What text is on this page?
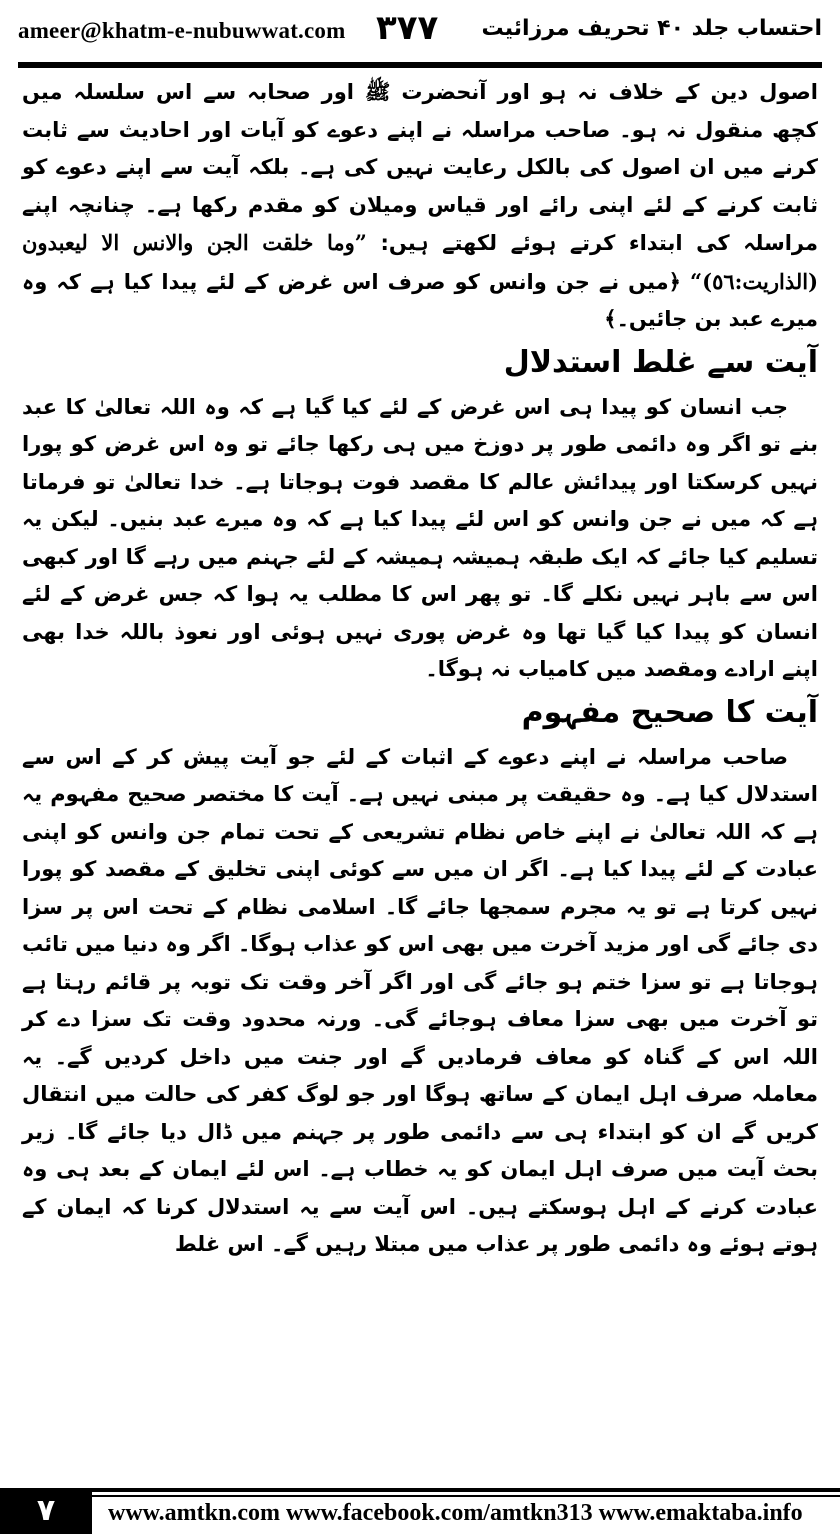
ameer@khatm-e-nubuwwat.com ۳۷۷ احتساب جلد ۴۰ تحریف مرزائیت

اصول دین کے خلاف نہ ہو اور آنحضرت ﷺ اور صحابہ سے اس سلسلہ میں کچھ منقول نہ ہو۔ صاحب مراسلہ نے اپنے دعوے کو آیات اور احادیث سے ثابت کرنے میں ان اصول کی بالکل رعایت نہیں کی ہے۔ بلکہ آیت سے اپنے دعوے کو ثابت کرنے کے لئے اپنی رائے اور قیاس ومیلان کو مقدم رکھا ہے۔ چنانچہ اپنے مراسلہ کی ابتداء کرتے ہوئے لکھتے ہیں: ”وما خلقت الجن والانس الا لیعبدون (الذاریت:٥٦)“ ﴿میں نے جن وانس کو صرف اس غرض کے لئے پیدا کیا ہے کہ وہ میرے عبد بن جائیں۔﴾

آیت سے غلط استدلال

جب انسان کو پیدا ہی اس غرض کے لئے کیا گیا ہے کہ وہ اللہ تعالیٰ کا عبد بنے تو اگر وہ دائمی طور پر دوزخ میں ہی رکھا جائے تو وہ اس غرض کو پورا نہیں کرسکتا اور پیدائش عالم کا مقصد فوت ہوجاتا ہے۔ خدا تعالیٰ تو فرماتا ہے کہ میں نے جن وانس کو اس لئے پیدا کیا ہے کہ وہ میرے عبد بنیں۔ لیکن یہ تسلیم کیا جائے کہ ایک طبقہ ہمیشہ ہمیشہ کے لئے جہنم میں رہے گا اور کبھی اس سے باہر نہیں نکلے گا۔ تو پھر اس کا مطلب یہ ہوا کہ جس غرض کے لئے انسان کو پیدا کیا گیا تھا وہ غرض پوری نہیں ہوئی اور نعوذ باللہ خدا بھی اپنے ارادے ومقصد میں کامیاب نہ ہوگا۔

آیت کا صحیح مفہوم

صاحب مراسلہ نے اپنے دعوے کے اثبات کے لئے جو آیت پیش کر کے اس سے استدلال کیا ہے۔ وہ حقیقت پر مبنی نہیں ہے۔ آیت کا مختصر صحیح مفہوم یہ ہے کہ اللہ تعالیٰ نے اپنے خاص نظام تشریعی کے تحت تمام جن وانس کو اپنی عبادت کے لئے پیدا کیا ہے۔ اگر ان میں سے کوئی اپنی تخلیق کے مقصد کو پورا نہیں کرتا ہے تو یہ مجرم سمجھا جائے گا۔ اسلامی نظام کے تحت اس پر سزا دی جائے گی اور مزید آخرت میں بھی اس کو عذاب ہوگا۔ اگر وہ دنیا میں تائب ہوجاتا ہے تو سزا ختم ہو جائے گی اور اگر آخر وقت تک توبہ پر قائم رہتا ہے تو آخرت میں بھی سزا معاف ہوجائے گی۔ ورنہ محدود وقت تک سزا دے کر اللہ اس کے گناہ کو معاف فرمادیں گے اور جنت میں داخل کردیں گے۔ یہ معاملہ صرف اہل ایمان کے ساتھ ہوگا اور جو لوگ کفر کی حالت میں انتقال کریں گے ان کو ابتداء ہی سے دائمی طور پر جہنم میں ڈال دیا جائے گا۔ زیر بحث آیت میں صرف اہل ایمان کو یہ خطاب ہے۔ اس لئے ایمان کے بعد ہی وہ عبادت کرنے کے اہل ہوسکتے ہیں۔ اس آیت سے یہ استدلال کرنا کہ ایمان کے ہوتے ہوئے وہ دائمی طور پر عذاب میں مبتلا رہیں گے۔ اس غلط

۷	www.amtkn.com www.facebook.com/amtkn313 www.emaktaba.info
